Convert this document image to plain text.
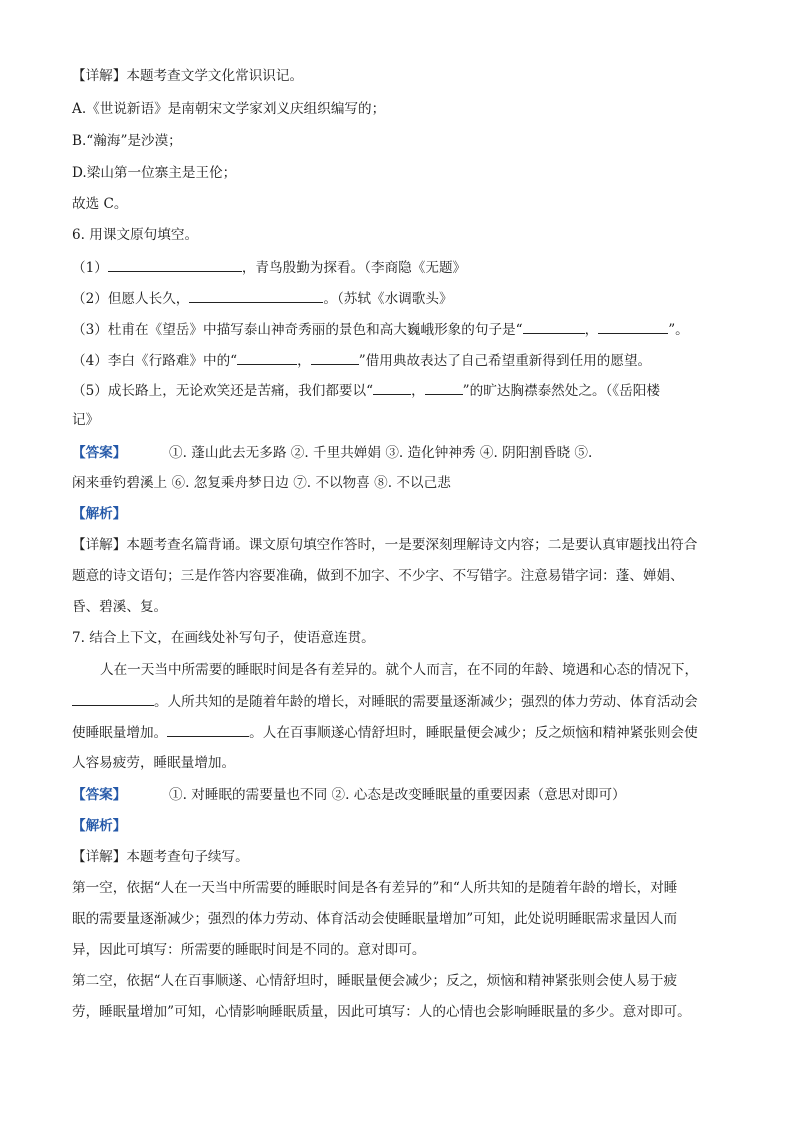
【详解】本题考查文学文化常识识记。
A.《世说新语》是南朝宋文学家刘义庆组织编写的；
B.“瀚海”是沙漠；
D.梁山第一位寨主是王伦；
故选 C。
6. 用课文原句填空。
（1）	，青鸟殷勤为探看。（李商隐《无题》
（2）但愿人长久，	。（苏轼《水调歌头》
（3）杜甫在《望岳》中描写泰山神奇秀丽的景色和高大巍峨形象的句子是“	，	”。
（4）李白《行路难》中的“	，	”借用典故表达了自己希望重新得到任用的愿望。
（5）成长路上，无论欢笑还是苦痛，我们都要以“	，	”的旷达胸襟泰然处之。（《岳阳楼
记》
【答案】	①. 蓬山此去无多路 ②. 千里共婵娟 ③. 造化钟神秀 ④. 阴阳割昏晓 ⑤.
闲来垂钓碧溪上 ⑥. 忽复乘舟梦日边 ⑦. 不以物喜 ⑧. 不以己悲
【解析】
【详解】本题考查名篇背诵。课文原句填空作答时，一是要深刻理解诗文内容；二是要认真审题找出符合
题意的诗文语句；三是作答内容要准确，做到不加字、不少字、不写错字。注意易错字词：蓬、婵娟、
昏、碧溪、复。
7. 结合上下文，在画线处补写句子，使语意连贯。
人在一天当中所需要的睡眠时间是各有差异的。就个人而言，在不同的年龄、境遇和心态的情况下，
。人所共知的是随着年龄的增长，对睡眠的需要量逐渐减少；强烈的体力劳动、体育活动会
使睡眠量增加。	。人在百事顺遂心情舒坦时，睡眠量便会减少；反之烦恼和精神紧张则会使
人容易疲劳，睡眠量增加。
【答案】	①. 对睡眠的需要量也不同 ②. 心态是改变睡眠量的重要因素（意思对即可）
【解析】
【详解】本题考查句子续写。
第一空，依据“人在一天当中所需要的睡眠时间是各有差异的”和“人所共知的是随着年龄的增长，对睡
眠的需要量逐渐减少；强烈的体力劳动、体育活动会使睡眠量增加”可知，此处说明睡眠需求量因人而
异，因此可填写：所需要的睡眠时间是不同的。意对即可。
第二空，依据“人在百事顺遂、心情舒坦时，睡眠量便会减少；反之，烦恼和精神紧张则会使人易于疲
劳，睡眠量增加”可知，心情影响睡眠质量，因此可填写：人的心情也会影响睡眠量的多少。意对即可。
